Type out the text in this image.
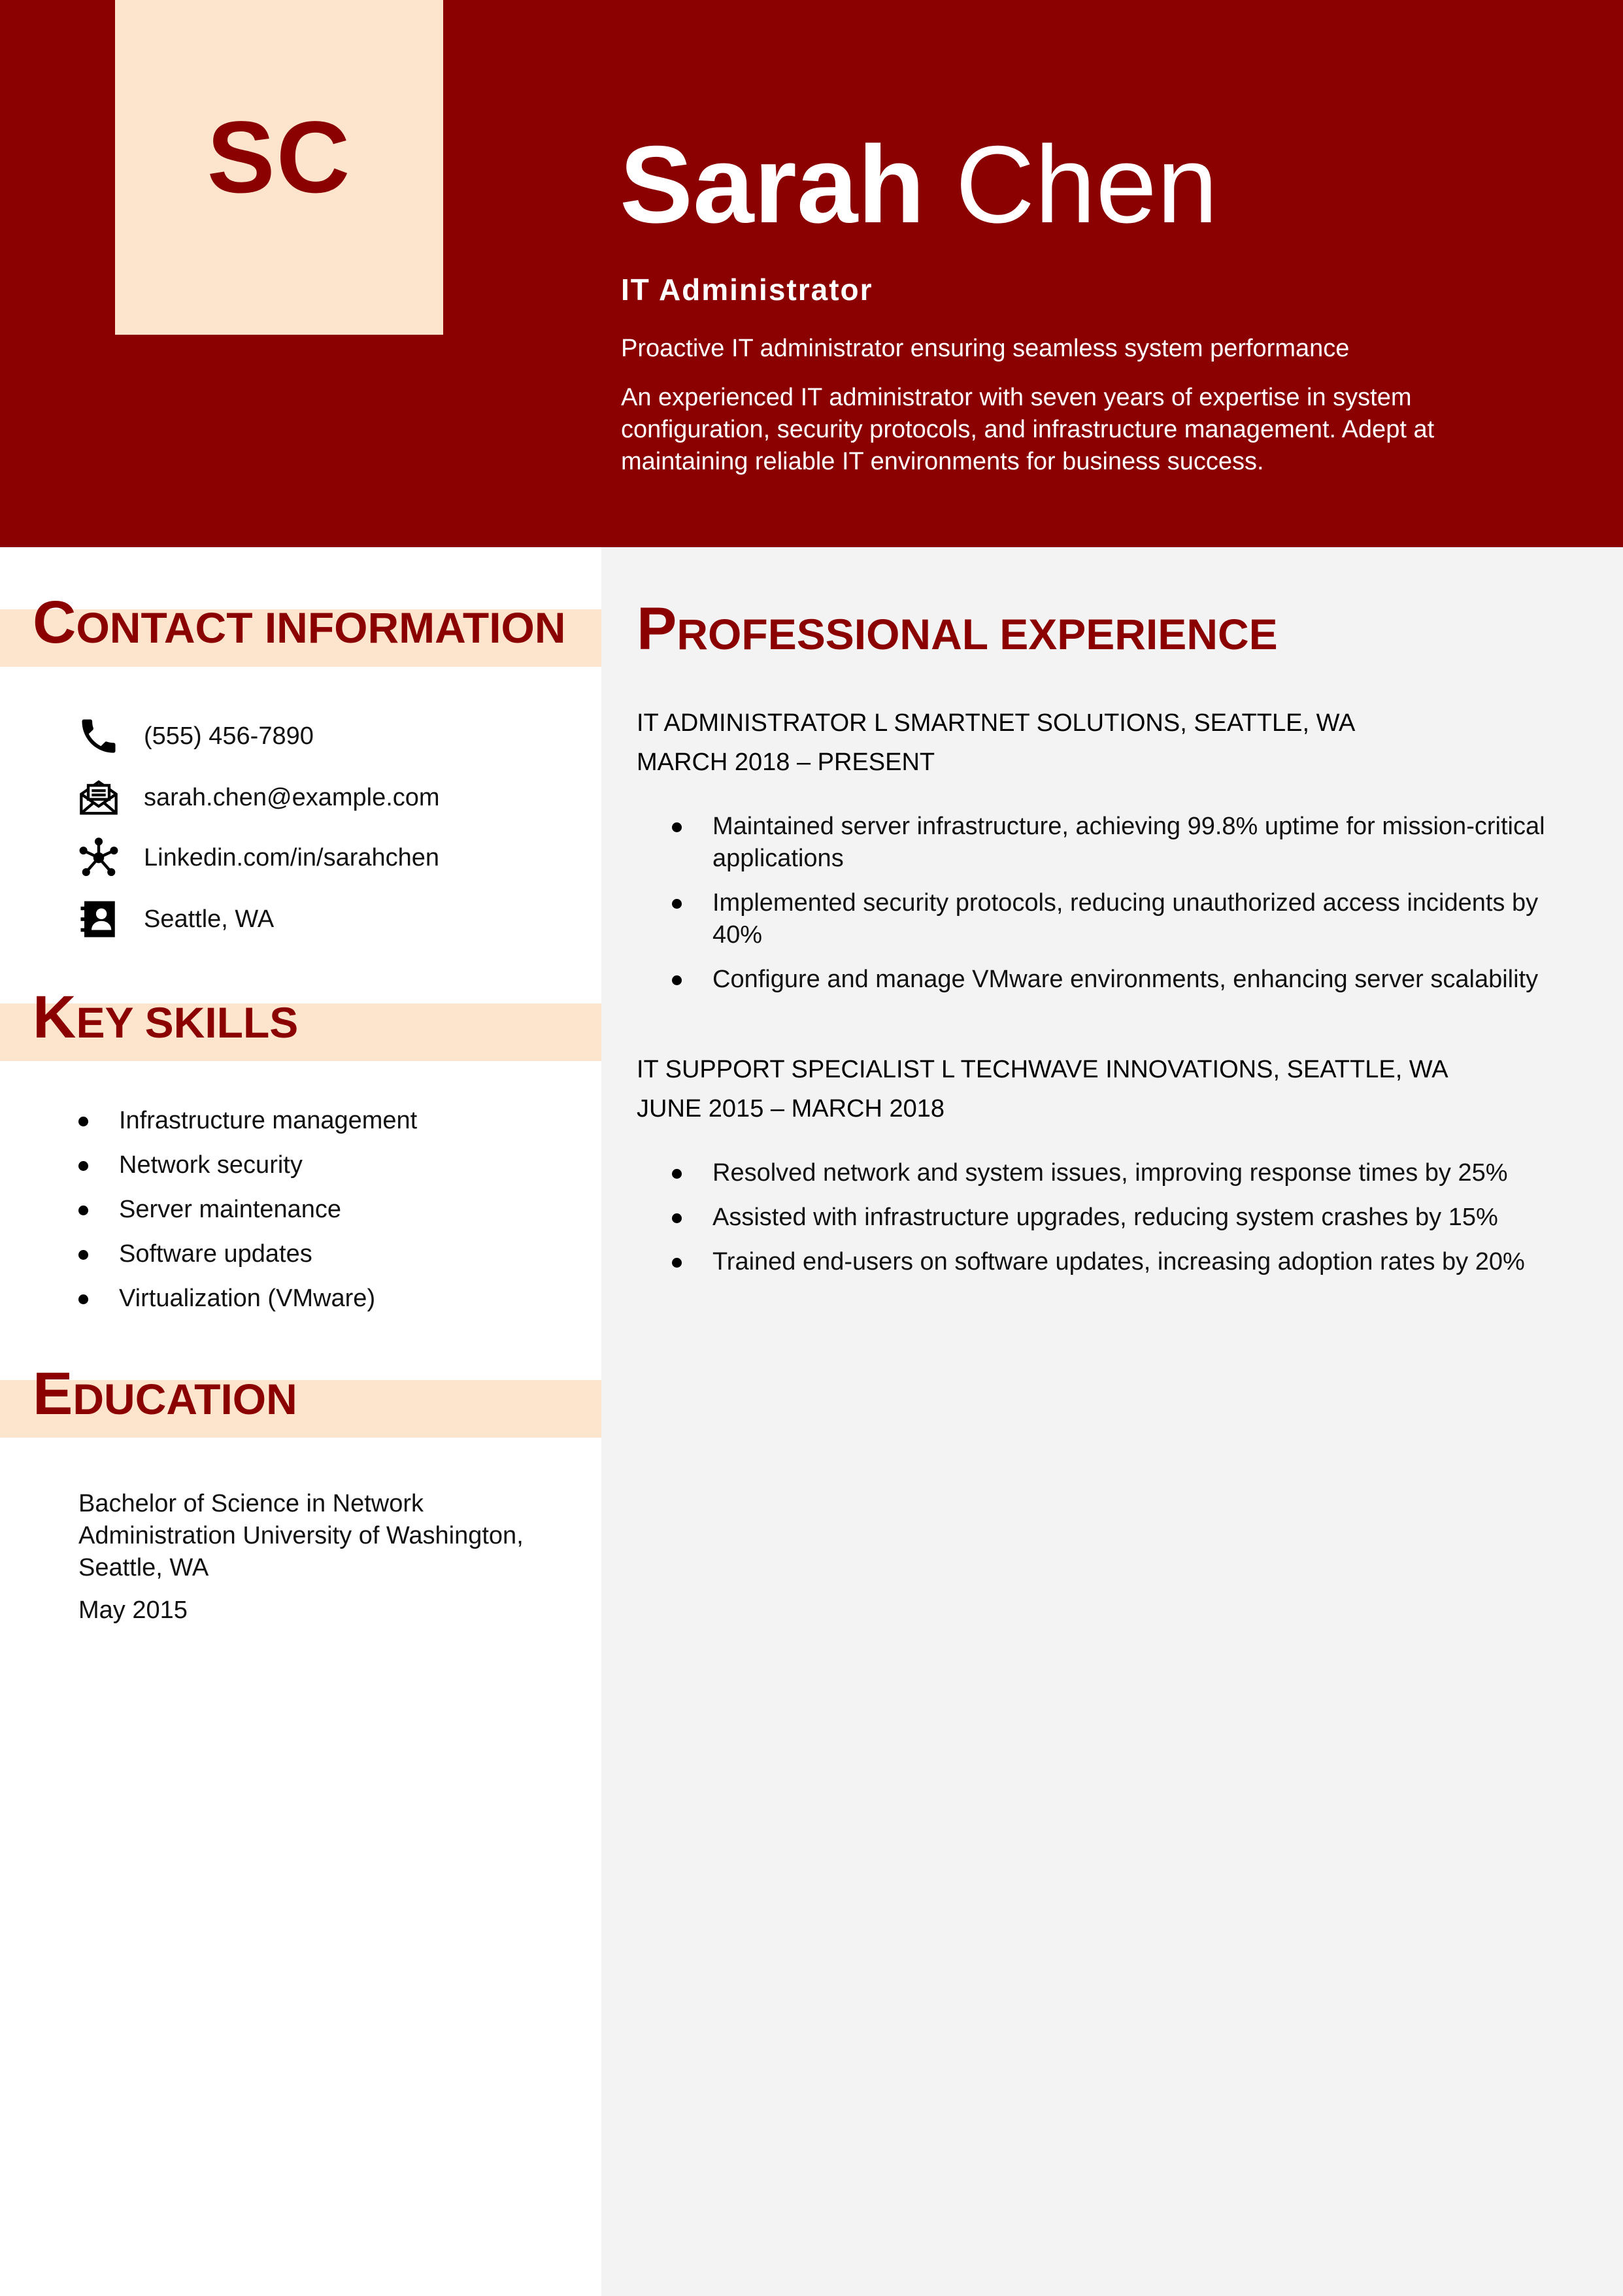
SC Sarah Chen
IT Administrator
Proactive IT administrator ensuring seamless system performance
An experienced IT administrator with seven years of expertise in system configuration, security protocols, and infrastructure management. Adept at maintaining reliable IT environments for business success.
CONTACT INFORMATION
(555) 456-7890
sarah.chen@example.com
Linkedin.com/in/sarahchen
Seattle, WA
KEY SKILLS
Infrastructure management
Network security
Server maintenance
Software updates
Virtualization (VMware)
EDUCATION
Bachelor of Science in Network Administration University of Washington, Seattle, WA
May 2015
PROFESSIONAL EXPERIENCE
IT ADMINISTRATOR L SMARTNET SOLUTIONS, SEATTLE, WA
MARCH 2018 – PRESENT
Maintained server infrastructure, achieving 99.8% uptime for mission-critical applications
Implemented security protocols, reducing unauthorized access incidents by 40%
Configure and manage VMware environments, enhancing server scalability
IT SUPPORT SPECIALIST L TECHWAVE INNOVATIONS, SEATTLE, WA
JUNE 2015 – MARCH 2018
Resolved network and system issues, improving response times by 25%
Assisted with infrastructure upgrades, reducing system crashes by 15%
Trained end-users on software updates, increasing adoption rates by 20%
